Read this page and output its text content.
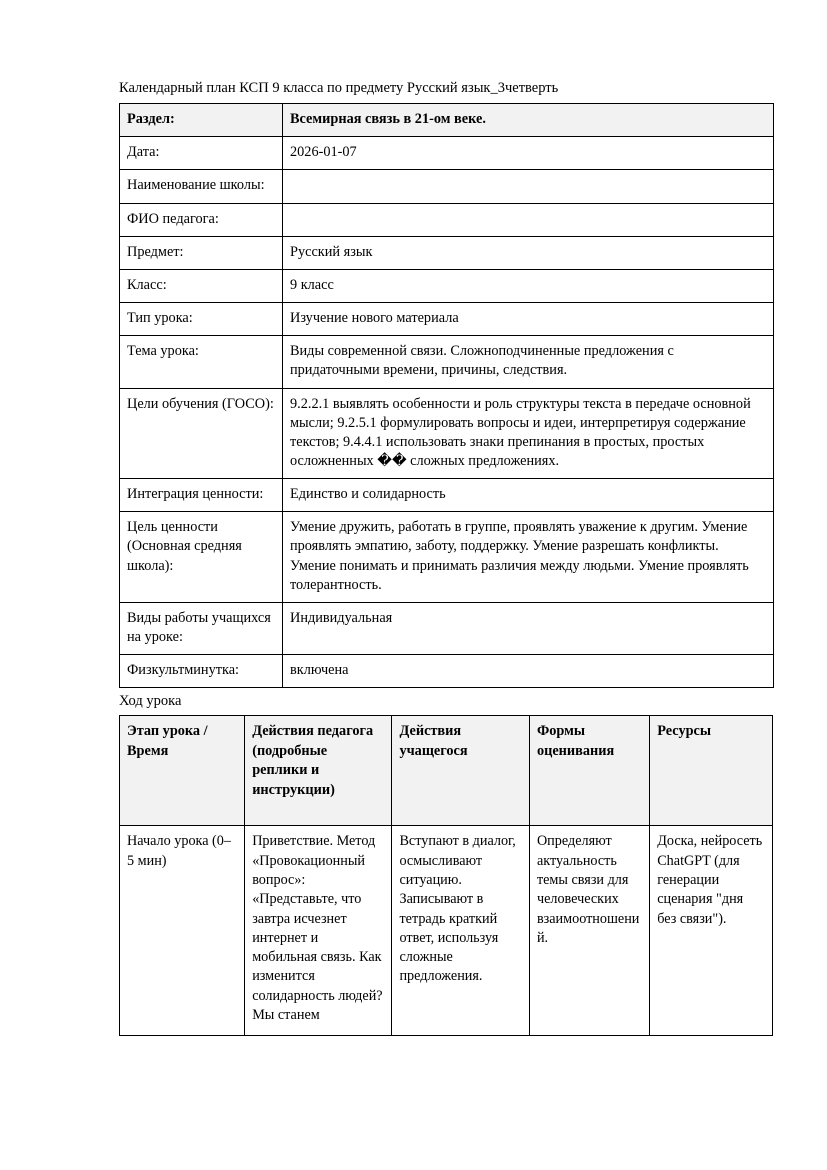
Календарный план КСП 9 класса по предмету Русский язык_3четверть
Раздел:	Всемирная связь в 21-ом веке.
Дата:	2026-01-07
Наименование школы:	
ФИО педагога:	
Предмет:	Русский язык
Класс:	9 класс
Тип урока:	Изучение нового материала
Тема урока:	Виды современной связи. Сложноподчиненные предложения с придаточными времени, причины, следствия.
Цели обучения (ГОСО):	9.2.2.1 выявлять особенности и роль структуры текста в передаче основной мысли; 9.2.5.1 формулировать вопросы и идеи, интерпретируя содержание текстов; 9.4.4.1 использовать знаки препинания в простых, простых осложненных �� сложных предложениях.
Интеграция ценности:	Единство и солидарность
Цель ценности (Основная средняя школа):	Умение дружить, работать в группе, проявлять уважение к другим. Умение проявлять эмпатию, заботу, поддержку. Умение разрешать конфликты. Умение понимать и принимать различия между людьми. Умение проявлять толерантность.
Виды работы учащихся на уроке:	Индивидуальная
Физкультминутка:	включена
Ход урока
Этап урока / Время	Действия педагога (подробные реплики и инструкции)	Действия учащегося	Формы оценивания	Ресурсы
Начало урока (0–5 мин)	Приветствие. Метод «Провокационный вопрос»: «Представьте, что завтра исчезнет интернет и мобильная связь. Как изменится солидарность людей? Мы станем	Вступают в диалог, осмысливают ситуацию. Записывают в тетрадь краткий ответ, используя сложные предложения.	Определяют актуальность темы связи для человеческих взаимоотношений.	Доска, нейросеть ChatGPT (для генерации сценария "дня без связи").
